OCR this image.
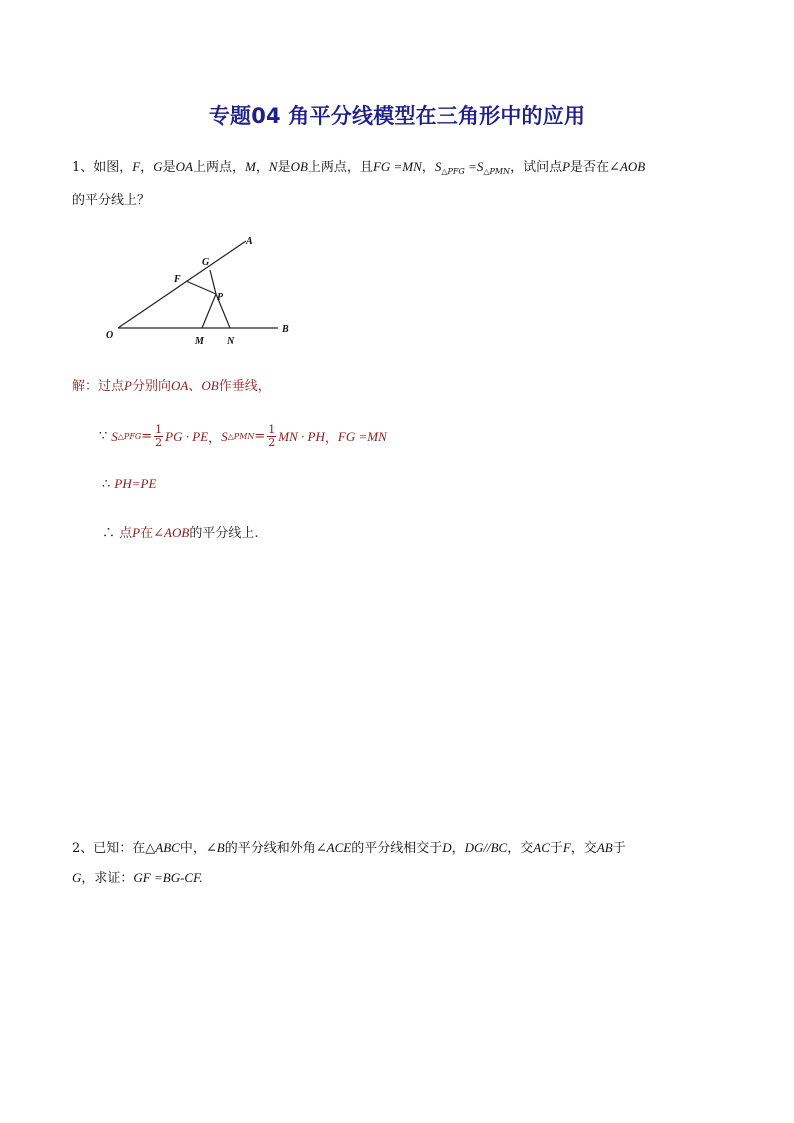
专题04 角平分线模型在三角形中的应用
1、如图，F，G是OA上两点，M，N是OB上两点，且FG =MN，$S_{\triangle PFG} =S_{\triangle PMN}$，试问点P是否在∠AOB
的平分线上？
A
G
F
P
O
M N
B
解：过点P分别向OA、OB作垂线，
∵ S △PFG = $\frac{1}{2}$ PG · PE ， S △PMN = $\frac{1}{2}$ MN · PH ， FG =MN
∴ PH=PE
∴ 点P在∠AOB的平分线上.
2、已知：在△ABC中，∠B的平分线和外角∠ACE的平分线相交于D，DG//BC，交AC于F，交AB于
G，求证：GF =BG-CF.
